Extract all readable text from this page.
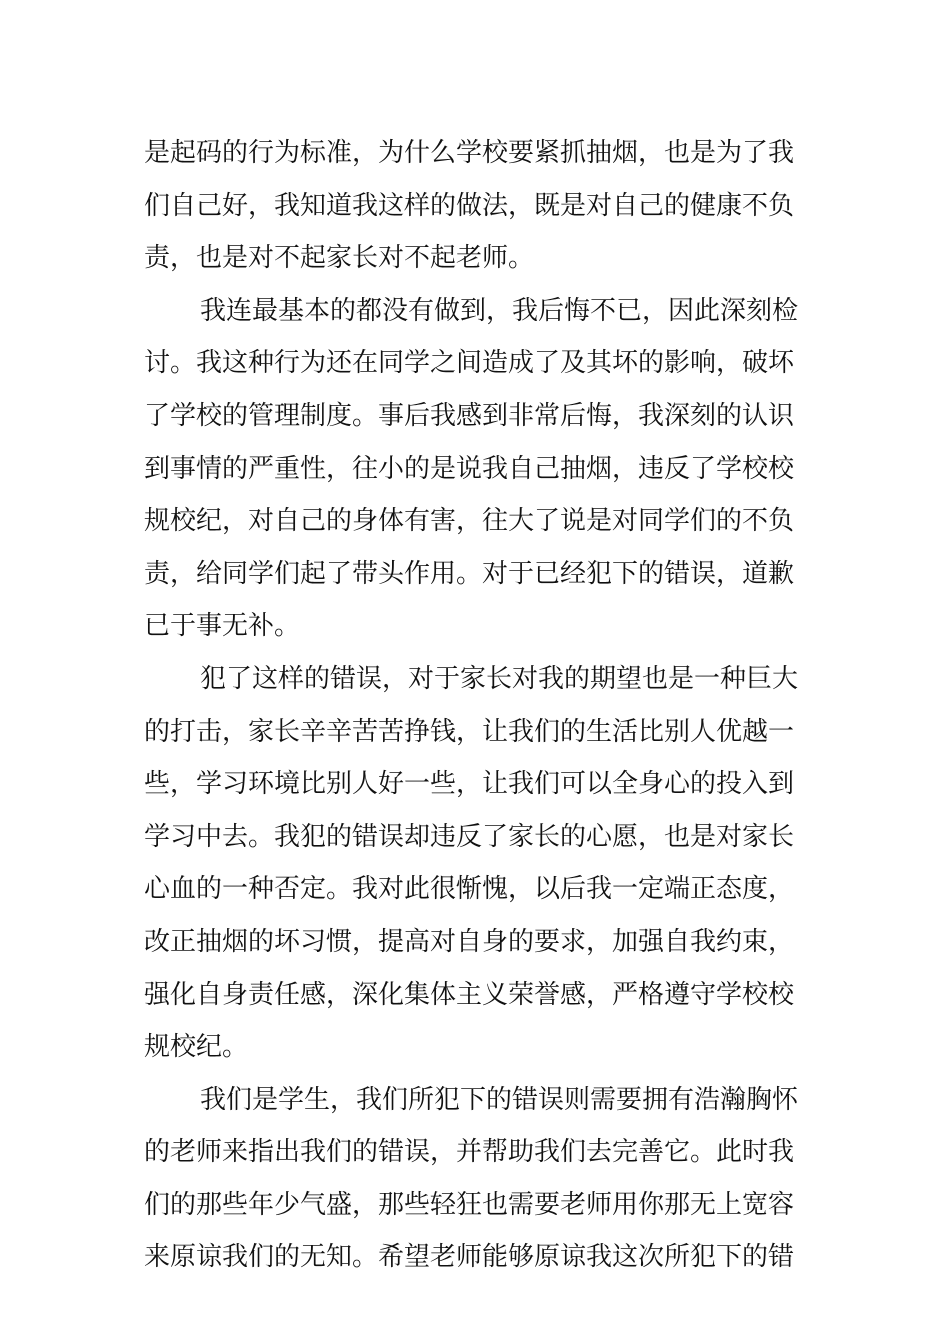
是起码的行为标准，为什么学校要紧抓抽烟，也是为了我
们自己好，我知道我这样的做法，既是对自己的健康不负
责，也是对不起家长对不起老师。
我连最基本的都没有做到，我后悔不已，因此深刻检
讨。我这种行为还在同学之间造成了及其坏的影响，破坏
了学校的管理制度。事后我感到非常后悔，我深刻的认识
到事情的严重性，往小的是说我自己抽烟，违反了学校校
规校纪，对自己的身体有害，往大了说是对同学们的不负
责，给同学们起了带头作用。对于已经犯下的错误，道歉
已于事无补。
犯了这样的错误，对于家长对我的期望也是一种巨大
的打击，家长辛辛苦苦挣钱，让我们的生活比别人优越一
些，学习环境比别人好一些，让我们可以全身心的投入到
学习中去。我犯的错误却违反了家长的心愿，也是对家长
心血的一种否定。我对此很惭愧，以后我一定端正态度，
改正抽烟的坏习惯，提高对自身的要求，加强自我约束，
强化自身责任感，深化集体主义荣誉感，严格遵守学校校
规校纪。
我们是学生，我们所犯下的错误则需要拥有浩瀚胸怀
的老师来指出我们的错误，并帮助我们去完善它。此时我
们的那些年少气盛，那些轻狂也需要老师用你那无上宽容
来原谅我们的无知。希望老师能够原谅我这次所犯下的错
